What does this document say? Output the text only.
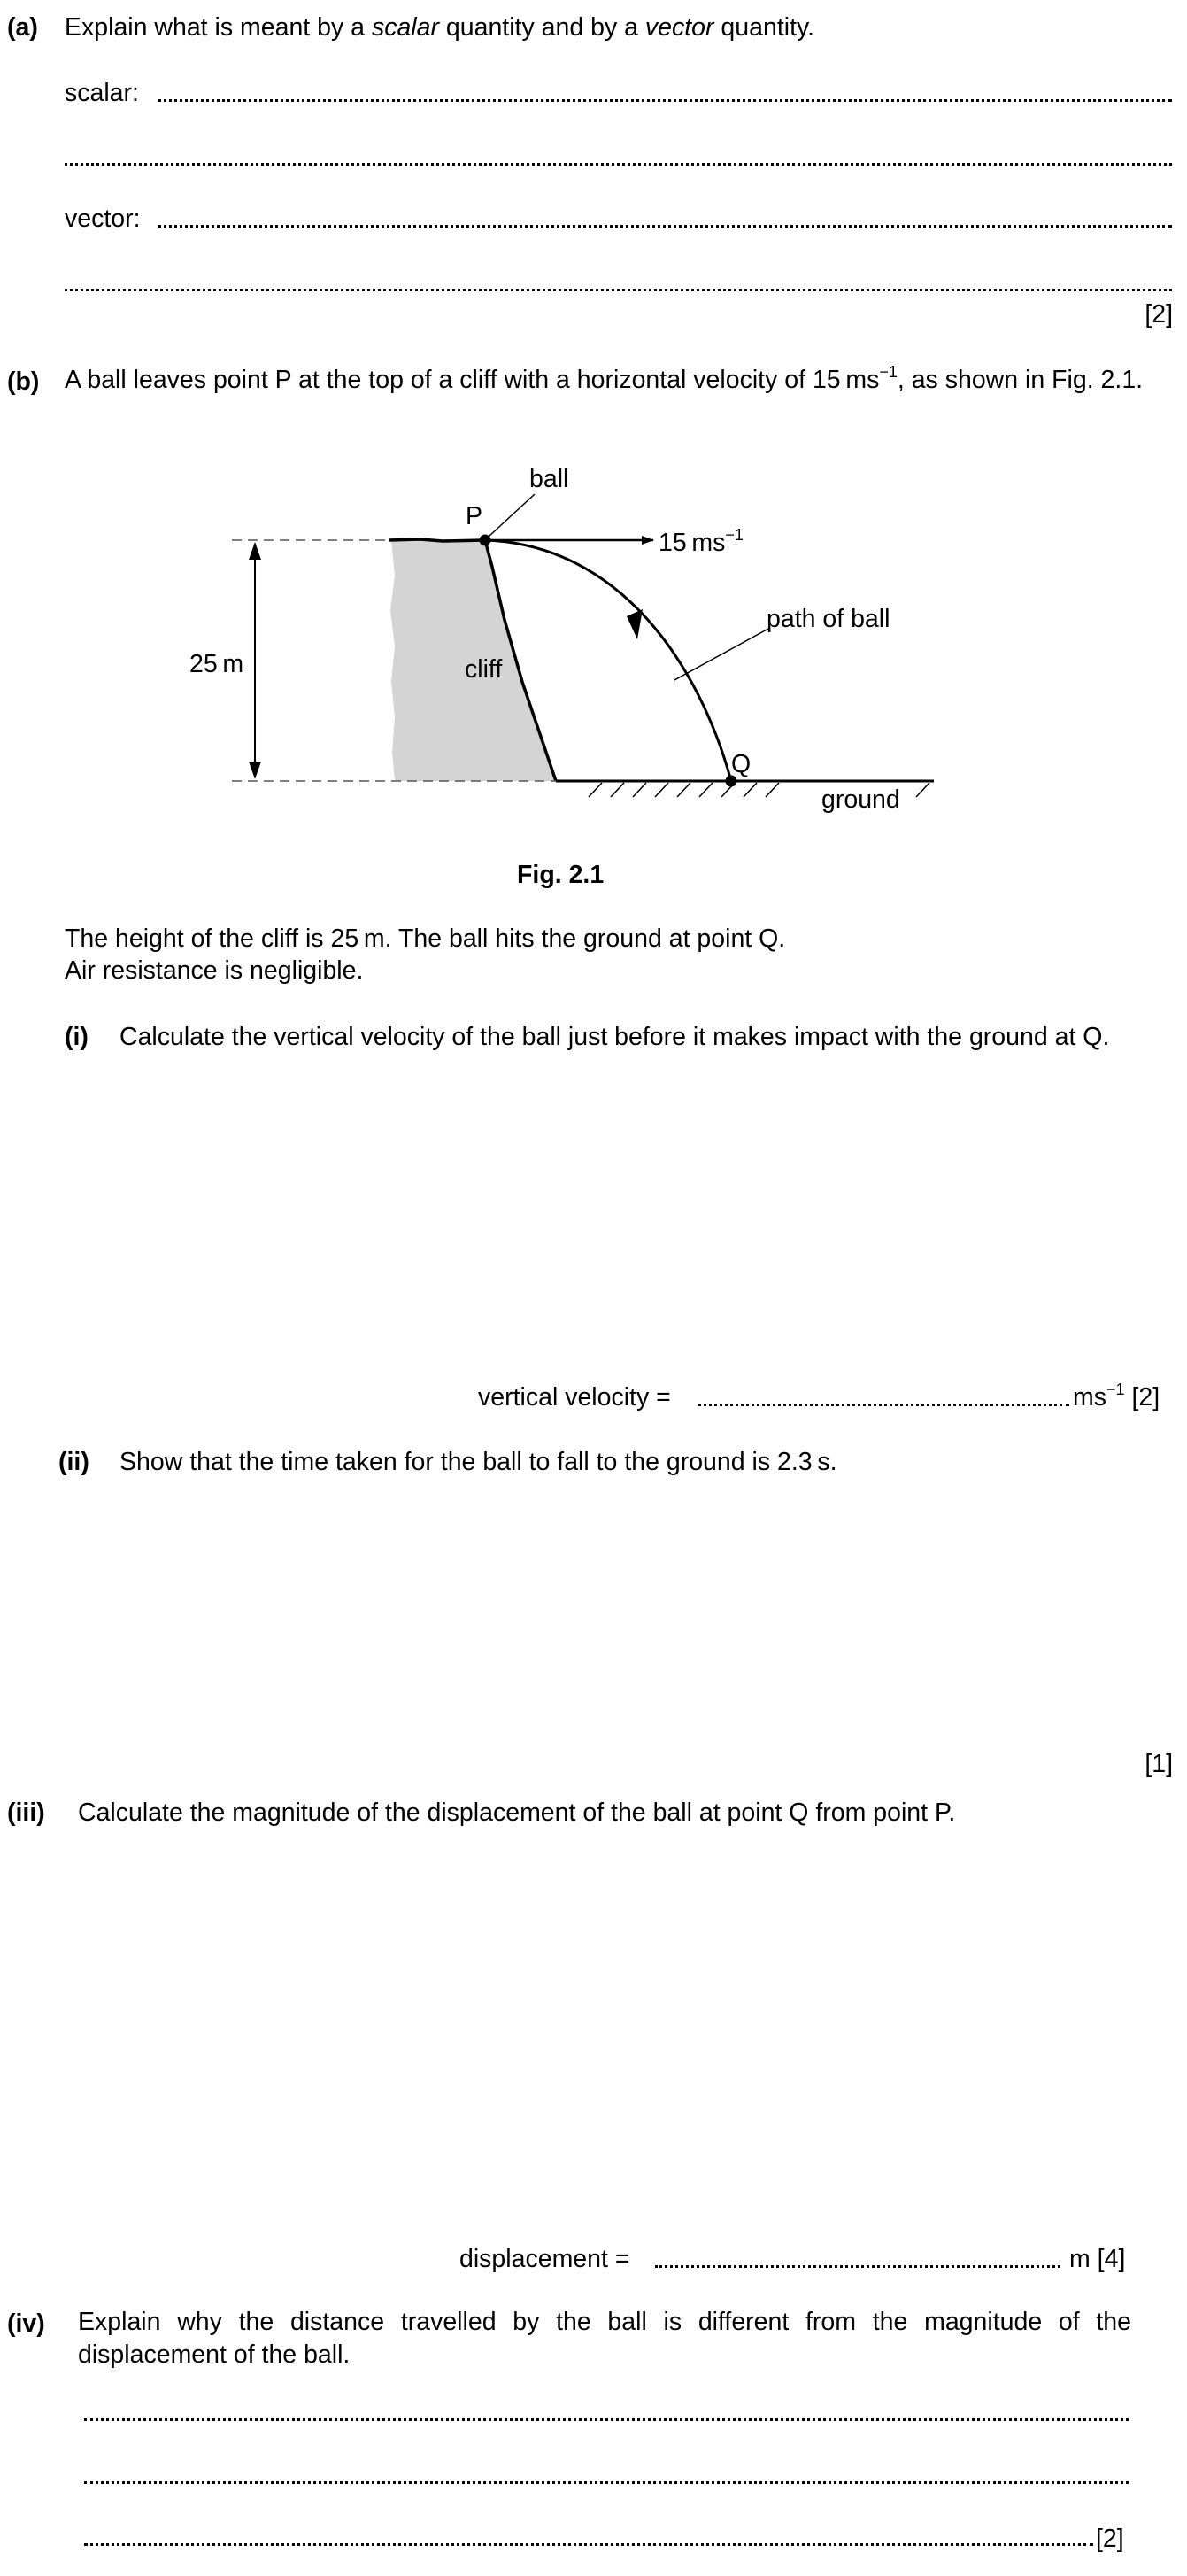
(a) Explain what is meant by a scalar quantity and by a vector quantity.
scalar:
vector:
[2]
(b) A ball leaves point P at the top of a cliff with a horizontal velocity of 15 $ms^{-1}$, as shown in Fig. 2.1.
25 m
15 $ms^{-1}$
ball
P
path of ball
cliff
Q
ground
Fig. 2.1
The height of the cliff is 25 m. The ball hits the ground at point Q.
Air resistance is negligible.
(i) Calculate the vertical velocity of the ball just before it makes impact with the ground at Q.
vertical velocity =	$ms^{-1}$ [2]
(ii) Show that the time taken for the ball to fall to the ground is 2.3 s.
[1]
(iii) Calculate the magnitude of the displacement of the ball at point Q from point P.
displacement =	m [4]
(iv) Explain why the distance travelled by the ball is different from the magnitude of the displacement of the ball.
[2]
